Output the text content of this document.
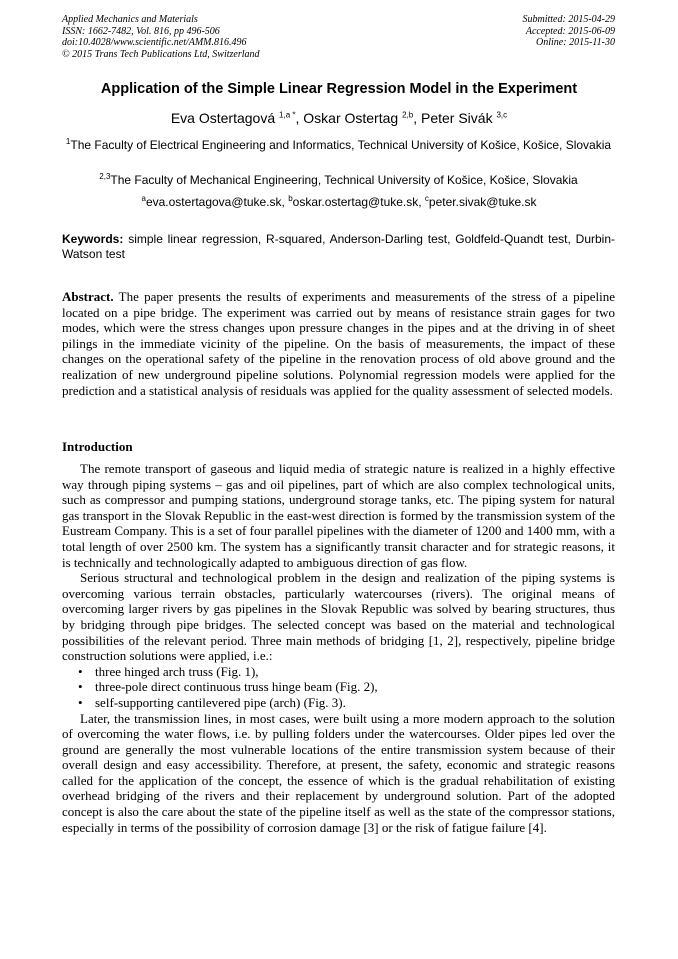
Applied Mechanics and Materials
ISSN: 1662-7482, Vol. 816, pp 496-506
doi:10.4028/www.scientific.net/AMM.816.496
© 2015 Trans Tech Publications Ltd, Switzerland
Submitted: 2015-04-29
Accepted: 2015-06-09
Online: 2015-11-30
Application of the Simple Linear Regression Model in the Experiment
Eva Ostertagová $^{1,a *}$, Oskar Ostertag $^{2,b}$, Peter Sivák $^{3,c}$
$^1$The Faculty of Electrical Engineering and Informatics, Technical University of Košice, Košice, Slovakia
$^{2,3}$The Faculty of Mechanical Engineering, Technical University of Košice, Košice, Slovakia
$^a$eva.ostertagova@tuke.sk, $^b$oskar.ostertag@tuke.sk, $^c$peter.sivak@tuke.sk
Keywords: simple linear regression, R-squared, Anderson-Darling test, Goldfeld-Quandt test, Durbin-Watson test
Abstract. The paper presents the results of experiments and measurements of the stress of a pipeline located on a pipe bridge. The experiment was carried out by means of resistance strain gages for two modes, which were the stress changes upon pressure changes in the pipes and at the driving in of sheet pilings in the immediate vicinity of the pipeline. On the basis of measurements, the impact of these changes on the operational safety of the pipeline in the renovation process of old above ground and the realization of new underground pipeline solutions. Polynomial regression models were applied for the prediction and a statistical analysis of residuals was applied for the quality assessment of selected models.
Introduction

The remote transport of gaseous and liquid media of strategic nature is realized in a highly effective way through piping systems – gas and oil pipelines, part of which are also complex technological units, such as compressor and pumping stations, underground storage tanks, etc. The piping system for natural gas transport in the Slovak Republic in the east-west direction is formed by the transmission system of the Eustream Company. This is a set of four parallel pipelines with the diameter of 1200 and 1400 mm, with a total length of over 2500 km. The system has a significantly transit character and for strategic reasons, it is technically and technologically adapted to ambiguous direction of gas flow.

Serious structural and technological problem in the design and realization of the piping systems is overcoming various terrain obstacles, particularly watercourses (rivers). The original means of overcoming larger rivers by gas pipelines in the Slovak Republic was solved by bearing structures, thus by bridging through pipe bridges. The selected concept was based on the material and technological possibilities of the relevant period. Three main methods of bridging [1, 2], respectively, pipeline bridge construction solutions were applied, i.e.:

• three hinged arch truss (Fig. 1),
• three-pole direct continuous truss hinge beam (Fig. 2),
• self-supporting cantilevered pipe (arch) (Fig. 3).

Later, the transmission lines, in most cases, were built using a more modern approach to the solution of overcoming the water flows, i.e. by pulling folders under the watercourses. Older pipes led over the ground are generally the most vulnerable locations of the entire transmission system because of their overall design and easy accessibility. Therefore, at present, the safety, economic and strategic reasons called for the application of the concept, the essence of which is the gradual rehabilitation of existing overhead bridging of the rivers and their replacement by underground solution. Part of the adopted concept is also the care about the state of the pipeline itself as well as the state of the compressor stations, especially in terms of the possibility of corrosion damage [3] or the risk of fatigue failure [4].
